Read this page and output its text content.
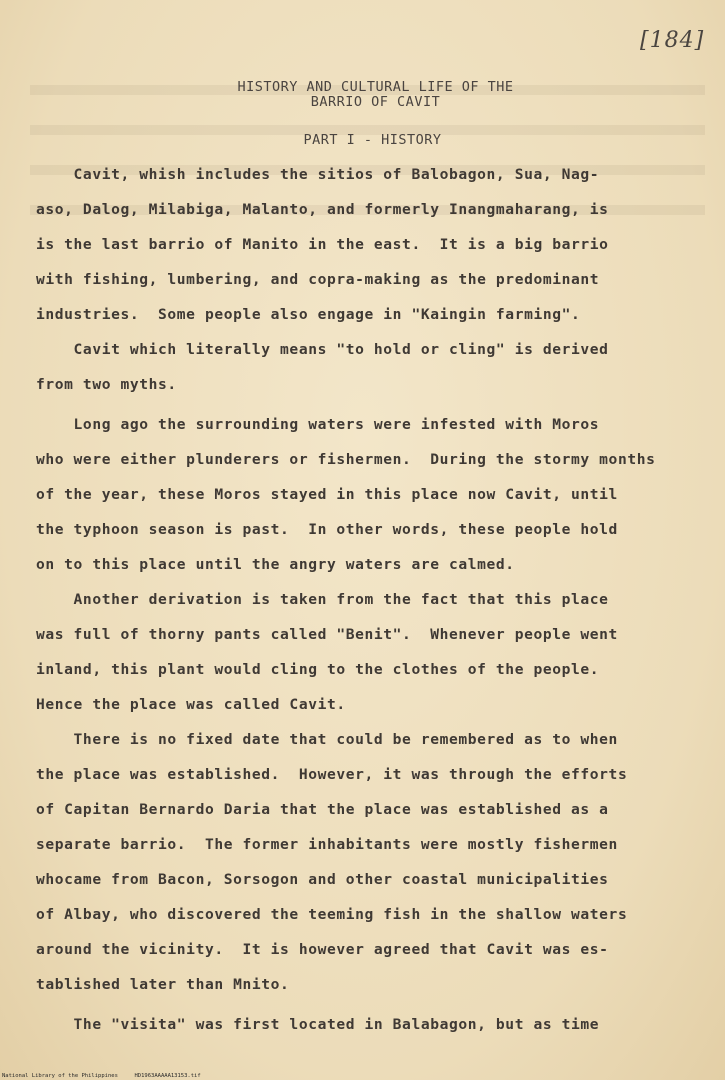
[184]
HISTORY AND CULTURAL LIFE OF THE
BARRIO OF CAVIT
PART I - HISTORY
Cavit, whish includes the sitios of Balobagon, Sua, Nag-
aso, Dalog, Milabiga, Malanto, and formerly Inangmaharang, is
is the last barrio of Manito in the east.  It is a big barrio
with fishing, lumbering, and copra-making as the predominant
industries.  Some people also engage in "Kaingin farming".
Cavit which literally means "to hold or cling" is derived
from two myths.
Long ago the surrounding waters were infested with Moros
who were either plunderers or fishermen.  During the stormy months
of the year, these Moros stayed in this place now Cavit, until
the typhoon season is past.  In other words, these people hold
on to this place until the angry waters are calmed.
Another derivation is taken from the fact that this place
was full of thorny pants called "Benit".  Whenever people went
inland, this plant would cling to the clothes of the people.
Hence the place was called Cavit.
There is no fixed date that could be remembered as to when
the place was established.  However, it was through the efforts
of Capitan Bernardo Daria that the place was established as a
separate barrio.  The former inhabitants were mostly fishermen
whocame from Bacon, Sorsogon and other coastal municipalities
of Albay, who discovered the teeming fish in the shallow waters
around the vicinity.  It is however agreed that Cavit was es-
tablished later than Mnito.
The "visita" was first located in Balabagon, but as time
National Library of the Philippines     HD1963AAAAA13153.tif
